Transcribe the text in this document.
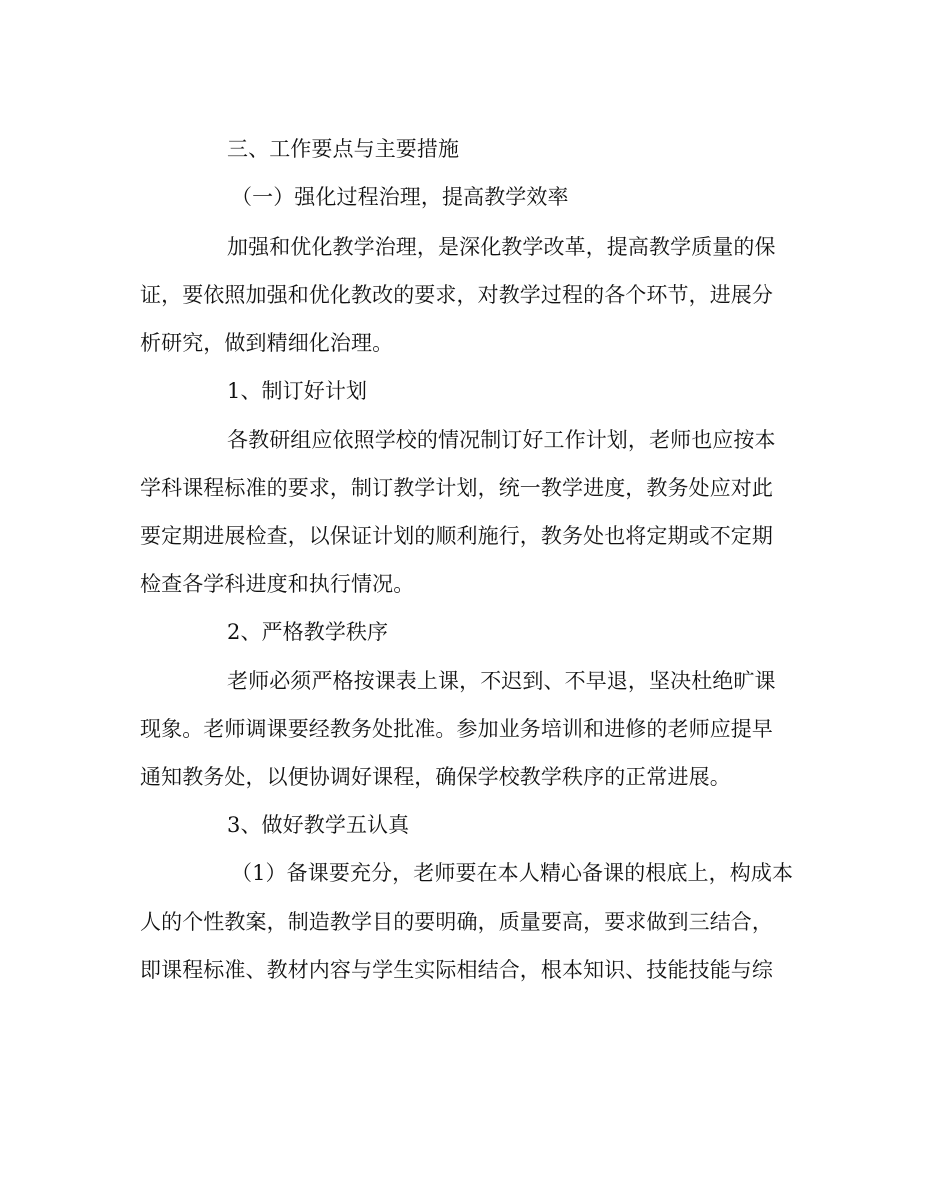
三、工作要点与主要措施
（一）强化过程治理，提高教学效率
加强和优化教学治理，是深化教学改革，提高教学质量的保
证，要依照加强和优化教改的要求，对教学过程的各个环节，进展分
析研究，做到精细化治理。
1、制订好计划
各教研组应依照学校的情况制订好工作计划，老师也应按本
学科课程标准的要求，制订教学计划，统一教学进度，教务处应对此
要定期进展检查，以保证计划的顺利施行，教务处也将定期或不定期
检查各学科进度和执行情况。
2、严格教学秩序
老师必须严格按课表上课，不迟到、不早退，坚决杜绝旷课
现象。老师调课要经教务处批准。参加业务培训和进修的老师应提早
通知教务处，以便协调好课程，确保学校教学秩序的正常进展。
3、做好教学五认真
（1）备课要充分，老师要在本人精心备课的根底上，构成本
人的个性教案，制造教学目的要明确，质量要高，要求做到三结合，
即课程标准、教材内容与学生实际相结合，根本知识、技能技能与综
